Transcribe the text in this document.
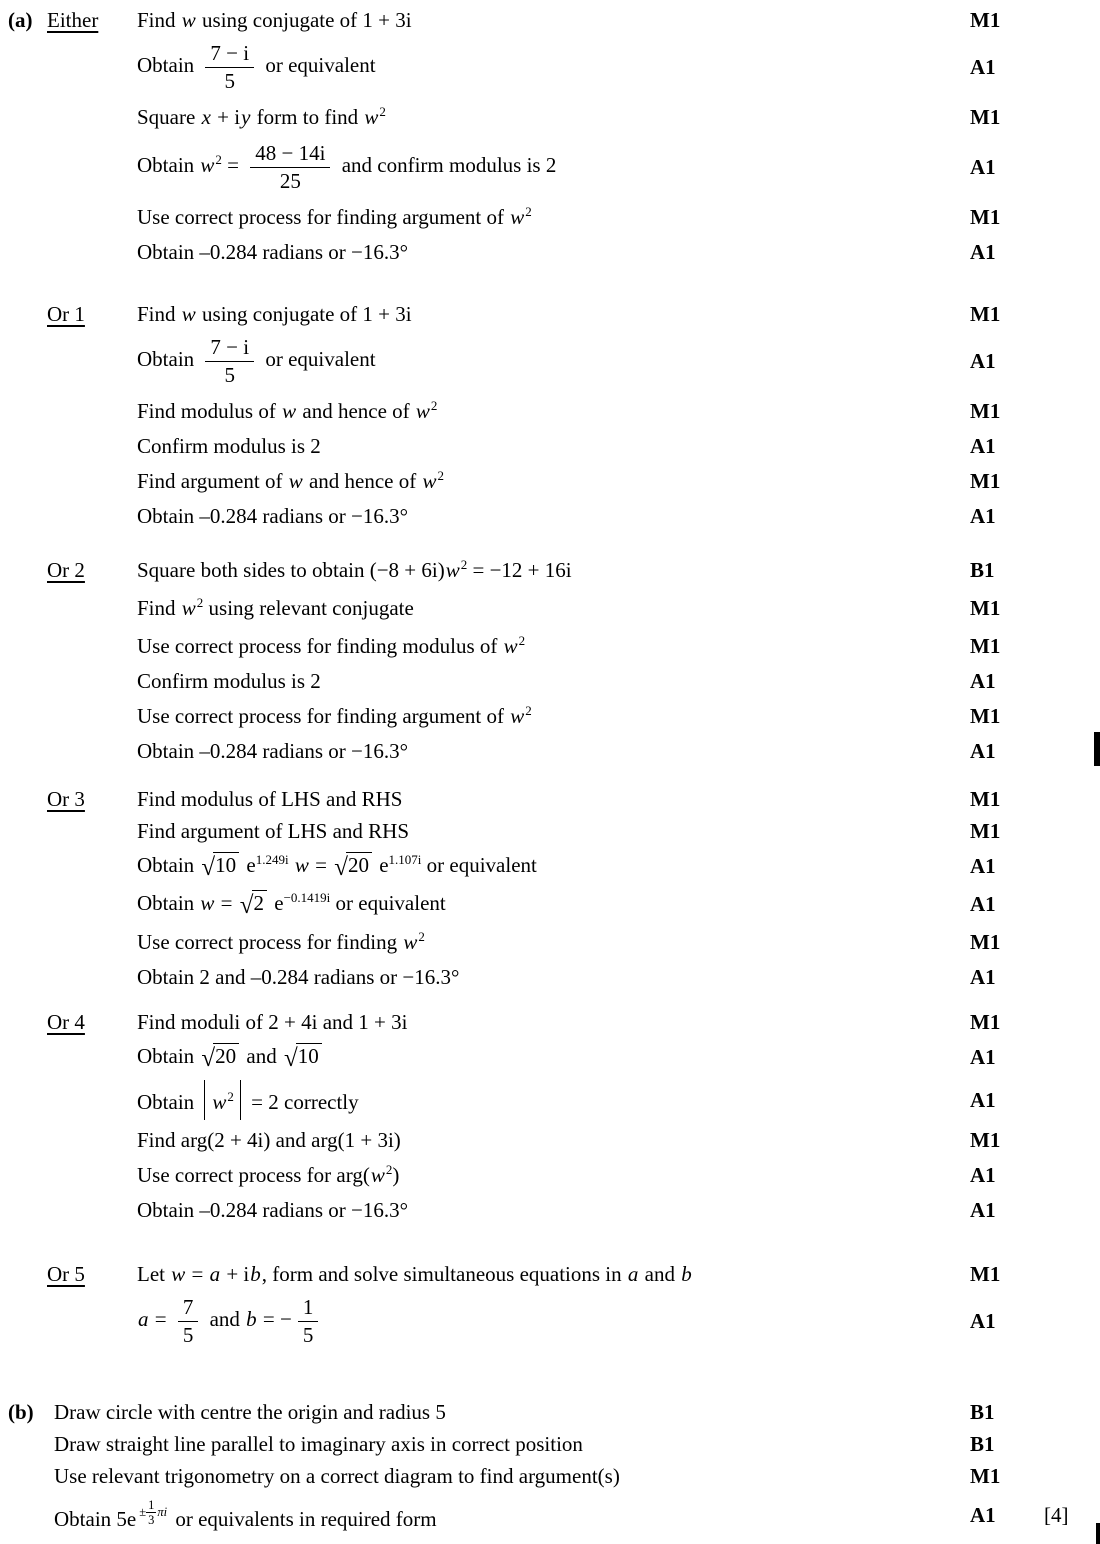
(a) Either	Find w using conjugate of 1 + 3i	M1
Obtain $\frac{7 - i}{5}$ or equivalent	A1
Square x + iy form to find $w^2$	M1
Obtain $w^2 = \frac{48 - 14i}{25}$ and confirm modulus is 2	A1
Use correct process for finding argument of $w^2$	M1
Obtain –0.284 radians or −16.3°	A1
Or 1	Find w using conjugate of 1 + 3i	M1
Obtain $\frac{7 - i}{5}$ or equivalent	A1
Find modulus of w and hence of $w^2$	M1
Confirm modulus is 2	A1
Find argument of w and hence of $w^2$	M1
Obtain –0.284 radians or −16.3°	A1
Or 2	Square both sides to obtain $(-8 + 6i)w^2 = -12 + 16i$	B1
Find $w^2$ using relevant conjugate	M1
Use correct process for finding modulus of $w^2$	M1
Confirm modulus is 2	A1
Use correct process for finding argument of $w^2$	M1
Obtain –0.284 radians or −16.3°	A1
Or 3	Find modulus of LHS and RHS	M1
Find argument of LHS and RHS	M1
Obtain √10 $e^{1.249i}$ w = √20 $e^{1.107i}$ or equivalent	A1
Obtain w = √2 $e^{-0.1419i}$ or equivalent	A1
Use correct process for finding $w^2$	M1
Obtain 2 and –0.284 radians or −16.3°	A1
Or 4	Find moduli of 2 + 4i and 1 + 3i	M1
Obtain √20 and √10	A1
Obtain $w^2 = 2$ correctly	A1
Find arg(2 + 4i) and arg(1 + 3i)	M1
Use correct process for $arg(w^2)$	A1
Obtain –0.284 radians or −16.3°	A1
Or 5	Let w = a + ib, form and solve simultaneous equations in a and b	M1
$a = \frac{7}{5}$ and b = − $\frac{1}{5}$	A1
(b) Draw circle with centre the origin and radius 5	B1
Draw straight line parallel to imaginary axis in correct position	B1
Use relevant trigonometry on a correct diagram to find argument(s)	M1
Obtain 5e $^{\pm \frac{1}{3} \pi i}$ or equivalents in required form	A1	[4]
